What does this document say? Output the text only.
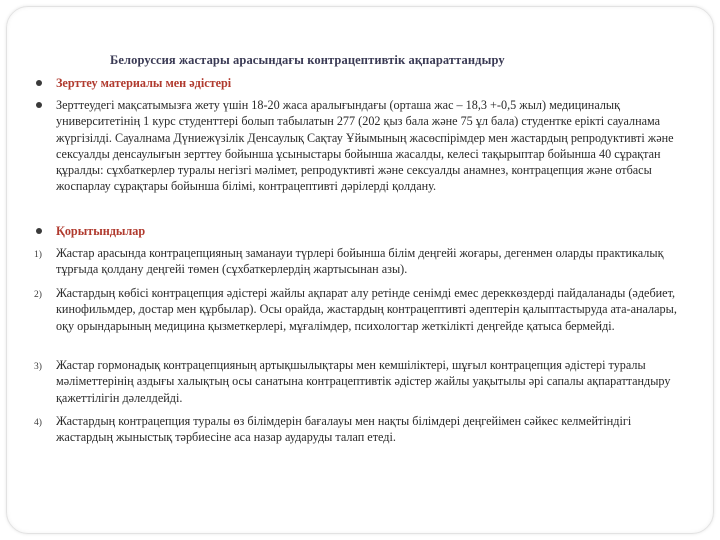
Белоруссия жастары арасындағы контрацептивтік ақпараттандыру
Зерттеу материалы мен әдістері
Зерттеудегі мақсатымызға жету үшін 18-20 жаса аралығындағы (орташа жас – 18,3 +-0,5 жыл) медициналық университетінің 1 курс студенттері болып табылатын 277 (202 қыз бала және 75 ұл бала) студентке ерікті сауалнама жүргізілді. Сауалнама Дүниежүзілік Денсаулық Сақтау Ұйымының жасөспірімдер мен жастардың репродуктивті және сексуалды денсаулығын зерттеу бойынша ұсыныстары бойынша жасалды, келесі тақырыптар бойынша 40 сұрақтан құралды: сұхбаткерлер туралы негізгі мәлімет, репродуктивті және сексуалды анамнез, контрацепция және отбасы жоспарлау сұрақтары бойынша білімі, контрацептивті дәрілерді қолдану.
Қорытындылар
1) Жастар арасында контрацепцияның заманауи түрлері бойынша білім деңгейі жоғары, дегенмен оларды практикалық тұрғыда қолдану деңгейі төмен (сұхбаткерлердің жартысынан азы).
2) Жастардың көбісі контрацепция әдістері жайлы ақпарат алу ретінде сенімді емес дереккөздерді пайдаланады (әдебиет, кинофильмдер, достар мен құрбылар). Осы орайда, жастардың контрацептивті әдептерін қалыптастыруда ата-аналары, оқу орындарының медицина қызметкерлері, мұғалімдер, психологтар жеткілікті деңгейде қатыса бермейді.
3) Жастар гормонадық контрацепцияның артықшылықтары мен кемшіліктері, шұғыл контрацепция әдістері туралы мәліметтерінің аздығы халықтың осы санатына контрацептивтік әдістер жайлы уақытылы әрі сапалы ақпараттандыру қажеттілігін дәлелдейді.
4) Жастардың контрацепция туралы өз білімдерін бағалауы мен нақты білімдері деңгейімен сәйкес келмейтіндігі жастардың жыныстық тәрбиесіне аса назар аударуды талап етеді.
